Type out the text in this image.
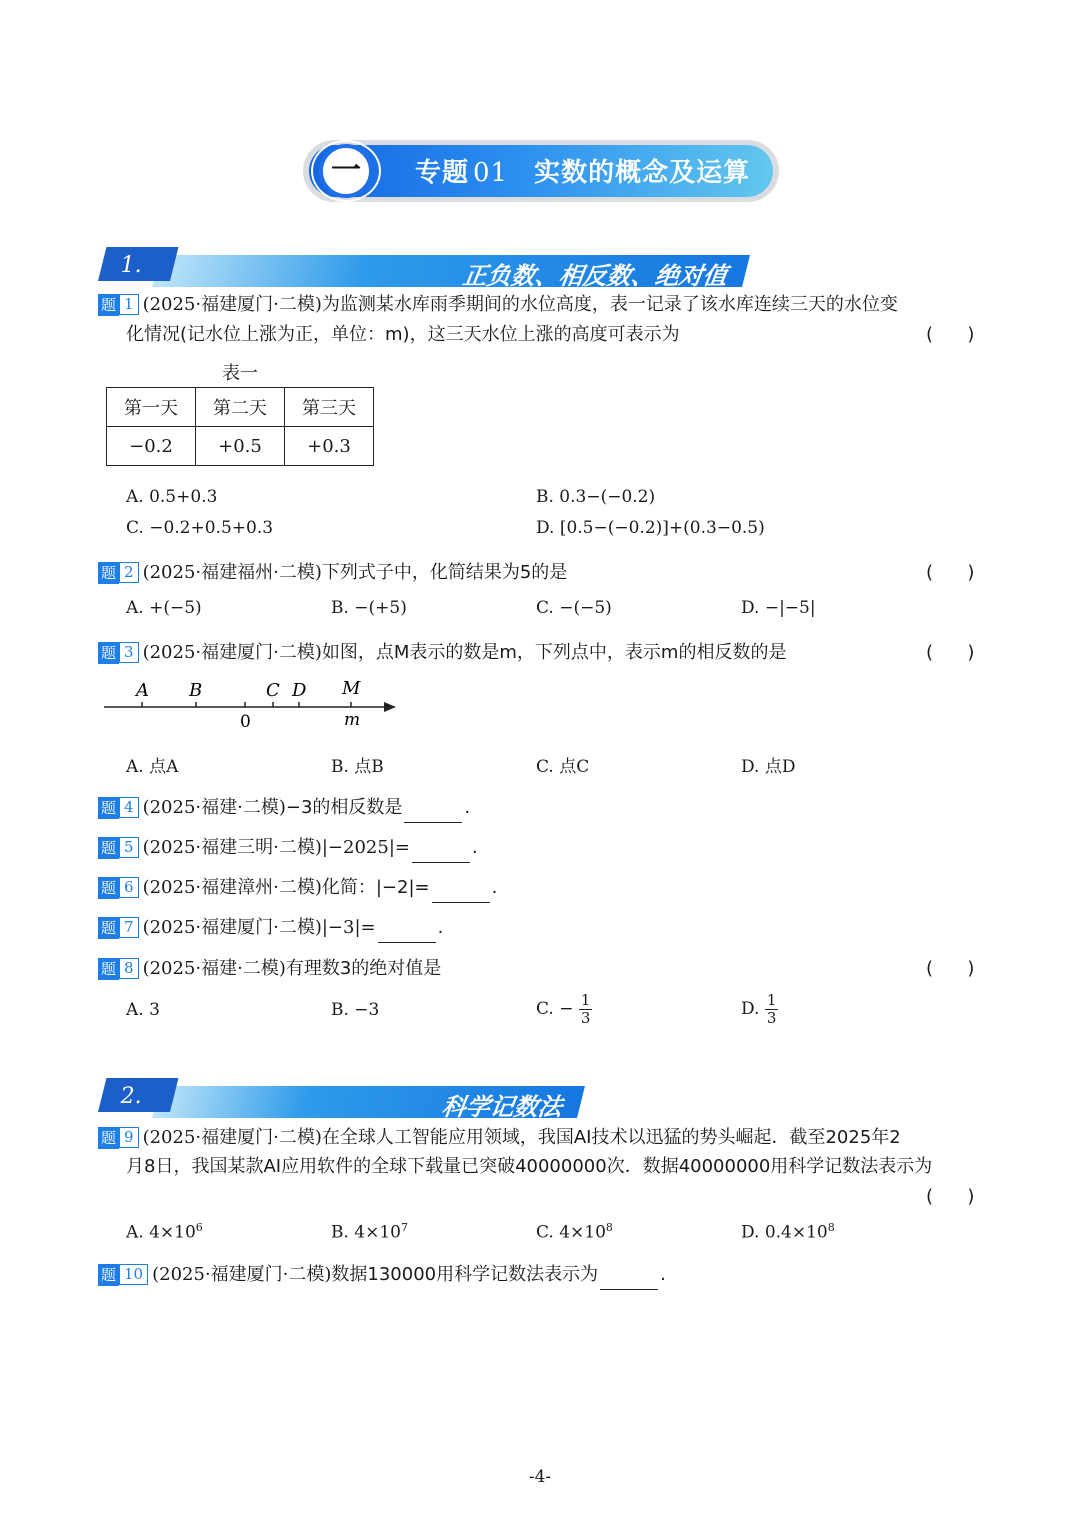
一 专题 01 实数的概念及运算
正负数、相反数、绝对值
1.
题 1 (2025·福建厦门·二模)为监测某水库雨季期间的水位高度，表一记录了该水库连续三天的水位变
化情况(记水位上涨为正，单位：m)，这三天水位上涨的高度可表示为	(      )
表一
第一天	第二天	第三天
−0.2	+0.5	+0.3
A. 0.5+0.3	B. 0.3−(−0.2)
C. −0.2+0.5+0.3	D. [0.5−(−0.2)]+(0.3−0.5)
题 2 (2025·福建福州·二模)下列式子中，化简结果为5的是	(      )
A. +(−5)	B. −(+5)	C. −(−5)	D. −|−5|
题 3 (2025·福建厦门·二模)如图，点M表示的数是m，下列点中，表示m的相反数的是	(      )
A B	C D M
0	m
A. 点A	B. 点B	C. 点C	D. 点D
题 4 (2025·福建·二模)−3的相反数是	.
题 5 (2025·福建三明·二模)|−2025|=	.
题 6 (2025·福建漳州·二模)化简：|−2|=	.
题 7 (2025·福建厦门·二模)|−3|=	.
题 8 (2025·福建·二模)有理数3的绝对值是	(      )
A. 3	B. −3	C. − $\frac{1}{3}$	D. $\frac{1}{3}$
科学记数法
2.
题 9 (2025·福建厦门·二模)在全球人工智能应用领域，我国AI技术以迅猛的势头崛起．截至2025年2
月8日，我国某款AI应用软件的全球下载量已突破40000000次．数据40000000用科学记数法表示为
(      )
A. $4\times 10^6$	B. $4\times 10^7$	C. $4\times 10^8$	D. $0.4\times 10^8$
题 10 (2025·福建厦门·二模)数据130000用科学记数法表示为	.
-4-
